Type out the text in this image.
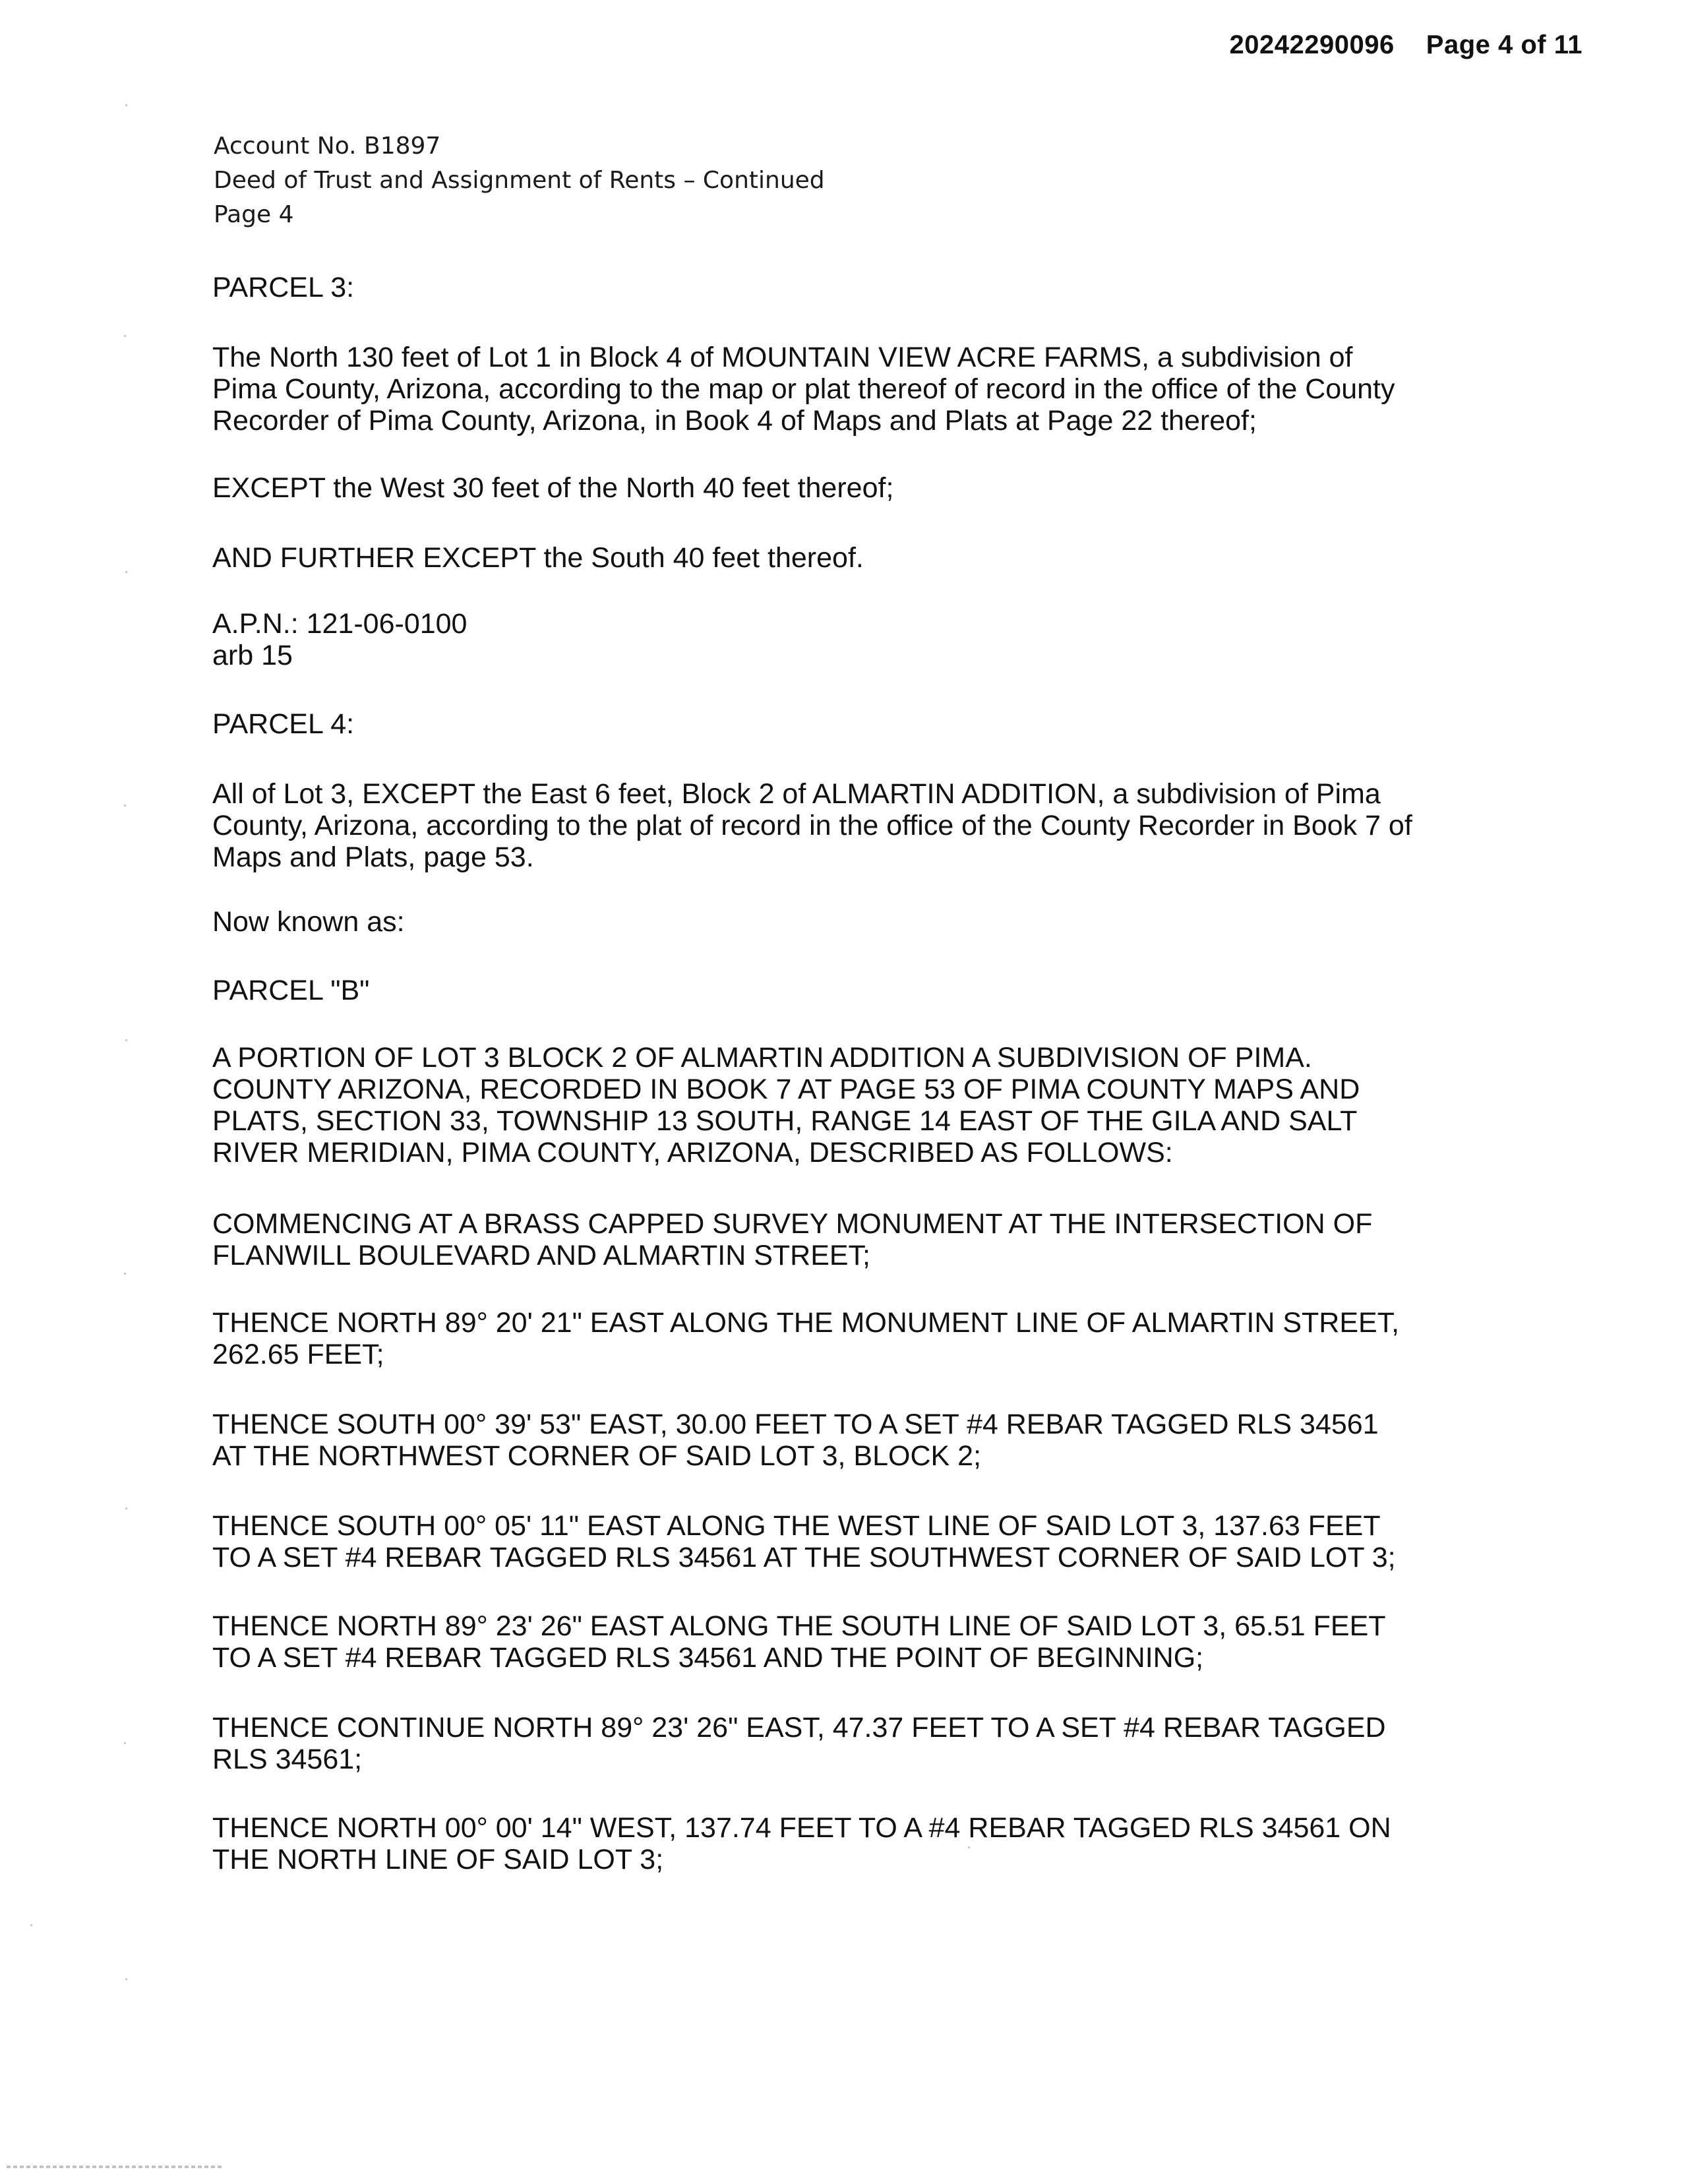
20242290096 Page 4 of 11
Account No. B1897
Deed of Trust and Assignment of Rents – Continued
Page 4
PARCEL 3:
The North 130 feet of Lot 1 in Block 4 of MOUNTAIN VIEW ACRE FARMS, a subdivision of
Pima County, Arizona, according to the map or plat thereof of record in the office of the County
Recorder of Pima County, Arizona, in Book 4 of Maps and Plats at Page 22 thereof;
EXCEPT the West 30 feet of the North 40 feet thereof;
AND FURTHER EXCEPT the South 40 feet thereof.
A.P.N.: 121-06-0100
arb 15
PARCEL 4:
All of Lot 3, EXCEPT the East 6 feet, Block 2 of ALMARTIN ADDITION, a subdivision of Pima
County, Arizona, according to the plat of record in the office of the County Recorder in Book 7 of
Maps and Plats, page 53.
Now known as:
PARCEL "B"
A PORTION OF LOT 3 BLOCK 2 OF ALMARTIN ADDITION A SUBDIVISION OF PIMA.
COUNTY ARIZONA, RECORDED IN BOOK 7 AT PAGE 53 OF PIMA COUNTY MAPS AND
PLATS, SECTION 33, TOWNSHIP 13 SOUTH, RANGE 14 EAST OF THE GILA AND SALT
RIVER MERIDIAN, PIMA COUNTY, ARIZONA, DESCRIBED AS FOLLOWS:
COMMENCING AT A BRASS CAPPED SURVEY MONUMENT AT THE INTERSECTION OF
FLANWILL BOULEVARD AND ALMARTIN STREET;
THENCE NORTH 89° 20' 21" EAST ALONG THE MONUMENT LINE OF ALMARTIN STREET,
262.65 FEET;
THENCE SOUTH 00° 39' 53" EAST, 30.00 FEET TO A SET #4 REBAR TAGGED RLS 34561
AT THE NORTHWEST CORNER OF SAID LOT 3, BLOCK 2;
THENCE SOUTH 00° 05' 11" EAST ALONG THE WEST LINE OF SAID LOT 3, 137.63 FEET
TO A SET #4 REBAR TAGGED RLS 34561 AT THE SOUTHWEST CORNER OF SAID LOT 3;
THENCE NORTH 89° 23' 26" EAST ALONG THE SOUTH LINE OF SAID LOT 3, 65.51 FEET
TO A SET #4 REBAR TAGGED RLS 34561 AND THE POINT OF BEGINNING;
THENCE CONTINUE NORTH 89° 23' 26" EAST, 47.37 FEET TO A SET #4 REBAR TAGGED
RLS 34561;
THENCE NORTH 00° 00' 14" WEST, 137.74 FEET TO A #4 REBAR TAGGED RLS 34561 ON
THE NORTH LINE OF SAID LOT 3;
